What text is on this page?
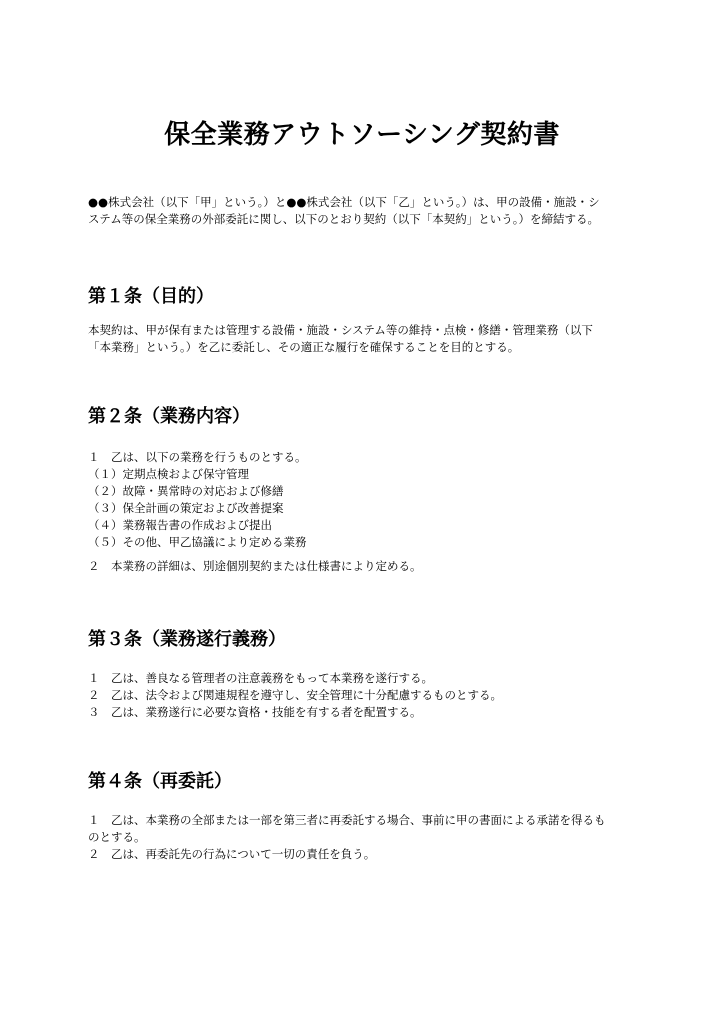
保全業務アウトソーシング契約書

●●株式会社（以下「甲」という。）と●●株式会社（以下「乙」という。）は、甲の設備・施設・シ
ステム等の保全業務の外部委託に関し、以下のとおり契約（以下「本契約」という。）を締結する。

第１条（目的）

本契約は、甲が保有または管理する設備・施設・システム等の維持・点検・修繕・管理業務（以下
「本業務」という。）を乙に委託し、その適正な履行を確保することを目的とする。

第２条（業務内容）

１　乙は、以下の業務を行うものとする。
（１）定期点検および保守管理
（２）故障・異常時の対応および修繕
（３）保全計画の策定および改善提案
（４）業務報告書の作成および提出
（５）その他、甲乙協議により定める業務

２　本業務の詳細は、別途個別契約または仕様書により定める。

第３条（業務遂行義務）

１　乙は、善良なる管理者の注意義務をもって本業務を遂行する。
２　乙は、法令および関連規程を遵守し、安全管理に十分配慮するものとする。
３　乙は、業務遂行に必要な資格・技能を有する者を配置する。

第４条（再委託）

１　乙は、本業務の全部または一部を第三者に再委託する場合、事前に甲の書面による承諾を得るも
のとする。
２　乙は、再委託先の行為について一切の責任を負う。
